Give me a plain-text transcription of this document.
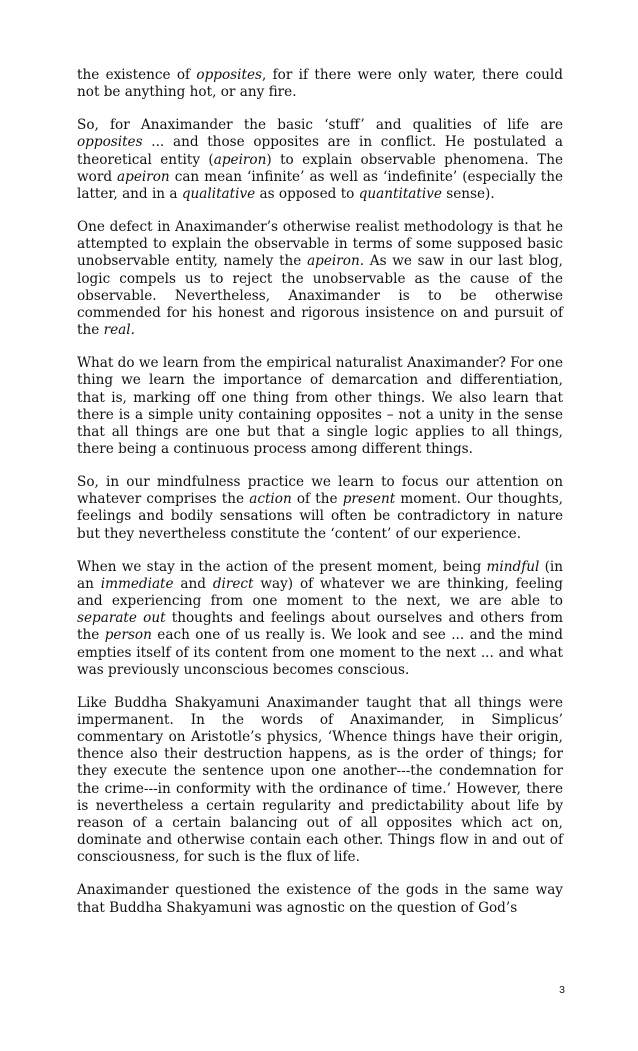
the existence of opposites, for if there were only water, there could not be anything hot, or any fire.

So, for Anaximander the basic ‘stuff’ and qualities of life are opposites ... and those opposites are in conflict. He postulated a theoretical entity (apeiron) to explain observable phenomena. The word apeiron can mean ‘infinite’ as well as ‘indefinite’ (especially the latter, and in a qualitative as opposed to quantitative sense).

One defect in Anaximander’s otherwise realist methodology is that he attempted to explain the observable in terms of some supposed basic unobservable entity, namely the apeiron. As we saw in our last blog, logic compels us to reject the unobservable as the cause of the observable. Nevertheless, Anaximander is to be otherwise commended for his honest and rigorous insistence on and pursuit of the real.

What do we learn from the empirical naturalist Anaximander? For one thing we learn the importance of demarcation and differentiation, that is, marking off one thing from other things. We also learn that there is a simple unity containing opposites – not a unity in the sense that all things are one but that a single logic applies to all things, there being a continuous process among different things.

So, in our mindfulness practice we learn to focus our attention on whatever comprises the action of the present moment. Our thoughts, feelings and bodily sensations will often be contradictory in nature but they nevertheless constitute the ‘content’ of our experience.

When we stay in the action of the present moment, being mindful (in an immediate and direct way) of whatever we are thinking, feeling and experiencing from one moment to the next, we are able to separate out thoughts and feelings about ourselves and others from the person each one of us really is. We look and see ... and the mind empties itself of its content from one moment to the next ... and what was previously unconscious becomes conscious.

Like Buddha Shakyamuni Anaximander taught that all things were impermanent. In the words of Anaximander, in Simplicus’ commentary on Aristotle’s physics, ‘Whence things have their origin, thence also their destruction happens, as is the order of things; for they execute the sentence upon one another---the condemnation for the crime---in conformity with the ordinance of time.’ However, there is nevertheless a certain regularity and predictability about life by reason of a certain balancing out of all opposites which act on, dominate and otherwise contain each other. Things flow in and out of consciousness, for such is the flux of life.

Anaximander questioned the existence of the gods in the same way that Buddha Shakyamuni was agnostic on the question of God’s

3
